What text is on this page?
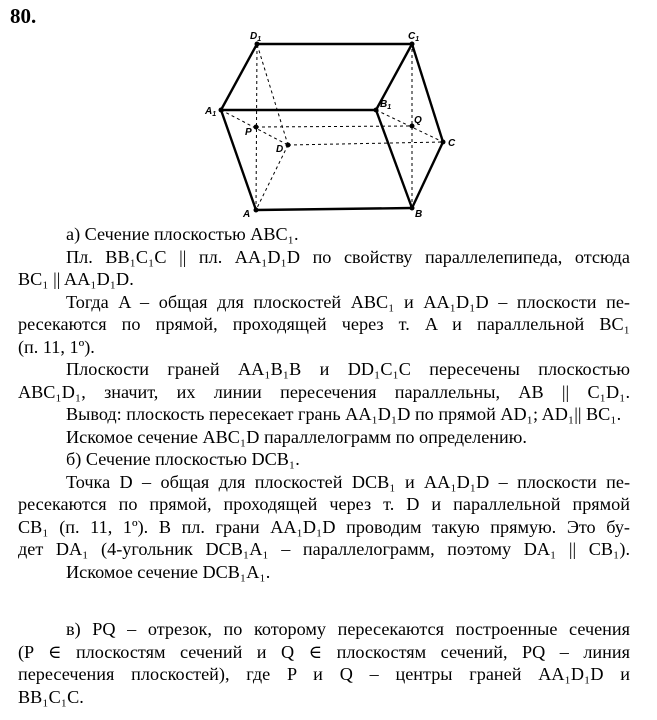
80.
$D_1$	$C_1$
$A_1$
$B_1$
P
Q
D
C
A	B
а) Сечение плоскостью ABC₁.
Пл. BB₁C₁C || пл. AA₁D₁D по свойству параллелепипеда, отсюда
BC₁ || AA₁D₁D.
Тогда A – общая для плоскостей ABC₁ и AA₁D₁D – плоскости пе-
ресекаются по прямой, проходящей через т. A и параллельной BC₁
(п. 11, 1º).
Плоскости граней AA₁B₁B и DD₁C₁C пересечены плоскостью
ABC₁D₁, значит, их линии пересечения параллельны, AB || C₁D₁.
Вывод: плоскость пересекает грань AA₁D₁D по прямой AD₁; AD₁|| BC₁.
Искомое сечение ABC₁D параллелограмм по определению.
б) Сечение плоскостью DCB₁.
Точка D – общая для плоскостей DCB₁ и AA₁D₁D – плоскости пе-
ресекаются по прямой, проходящей через т. D и параллельной прямой
CB₁ (п. 11, 1º). В пл. грани AA₁D₁D проводим такую прямую. Это бу-
дет DA₁ (4-угольник DCB₁A₁ – параллелограмм, поэтому DA₁ || CB₁).
Искомое сечение DCB₁A₁.
в) PQ – отрезок, по которому пересекаются построенные сечения
(P ∈ плоскостям сечений и Q ∈ плоскостям сечений, PQ – линия
пересечения плоскостей), где P и Q – центры граней AA₁D₁D и
BB₁C₁C.
